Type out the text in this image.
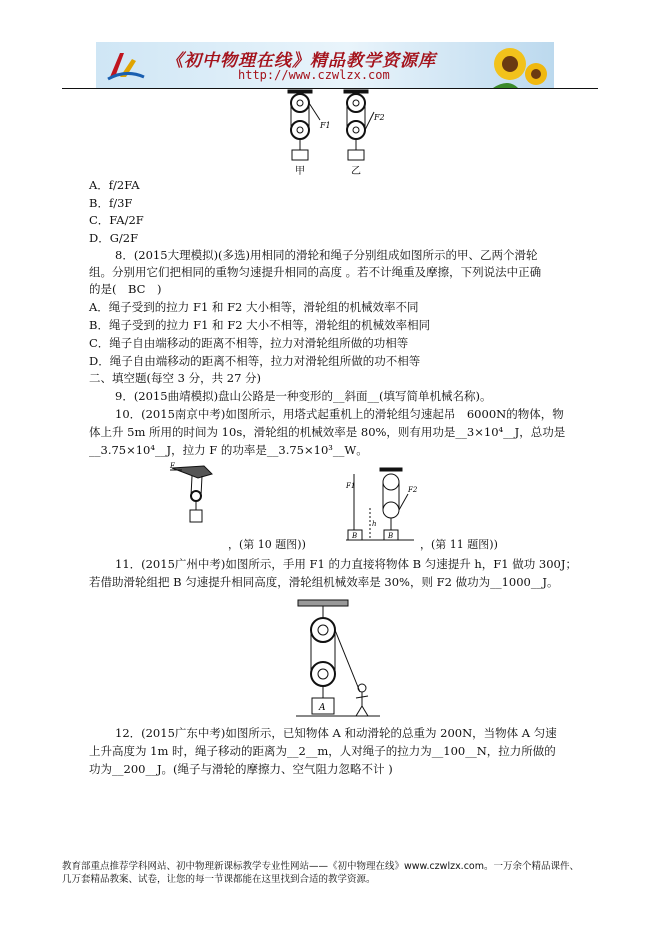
《初中物理在线》精品教学资源库
http://www.czwlzx.com
F1
F2
甲	乙
A．f/2FA
B．f/3F
C．FA/2F
D．G/2F
8．(2015大理模拟)(多选)用相同的滑轮和绳子分别组成如图所示的甲、乙两个滑轮
组。分别用它们把相同的重物匀速提升相同的高度 。若不计绳重及摩擦，下列说法中正确
的是(　BC　)
A．绳子受到的拉力 F1 和 F2 大小相等，滑轮组的机械效率不同
B．绳子受到的拉力 F1 和 F2 大小不相等，滑轮组的机械效率相同
C．绳子自由端移动的距离不相等，拉力对滑轮组所做的功相等
D．绳子自由端移动的距离不相等，拉力对滑轮组所做的功不相等
二、填空题(每空 3 分，共 27 分)
9．(2015曲靖模拟)盘山公路是一种变形的__斜面__(填写简单机械名称)。
10．(2015南京中考)如图所示，用塔式起重机上的滑轮组匀速起吊　6000N的物体，物
体上升 5m 所用的时间为 10s，滑轮组的机械效率是 80%，则有用功是__3×10⁴__J，总功是
__3.75×10⁴__J，拉力 F 的功率是__3.75×10³__W。
F
，(第 10 题图))
F1	F2
h
B	B
，(第 11 题图))
11．(2015广州中考)如图所示，手用 F1 的力直接将物体 B 匀速提升 h，F1 做功 300J；
若借助滑轮组把 B 匀速提升相同高度，滑轮组机械效率是 30%，则 F2 做功为__1000__J。
A
12．(2015广东中考)如图所示，已知物体 A 和动滑轮的总重为 200N，当物体 A 匀速
上升高度为 1m 时，绳子移动的距离为__2__m，人对绳子的拉力为__100__N，拉力所做的
功为__200__J。(绳子与滑轮的摩擦力、空气阻力忽略不计 )
教育部重点推荐学科网站、初中物理新课标教学专业性网站——《初中物理在线》www.czwlzx.com。一万余个精品课件、
几万套精品教案、试卷，让您的每一节课都能在这里找到合适的教学资源。
